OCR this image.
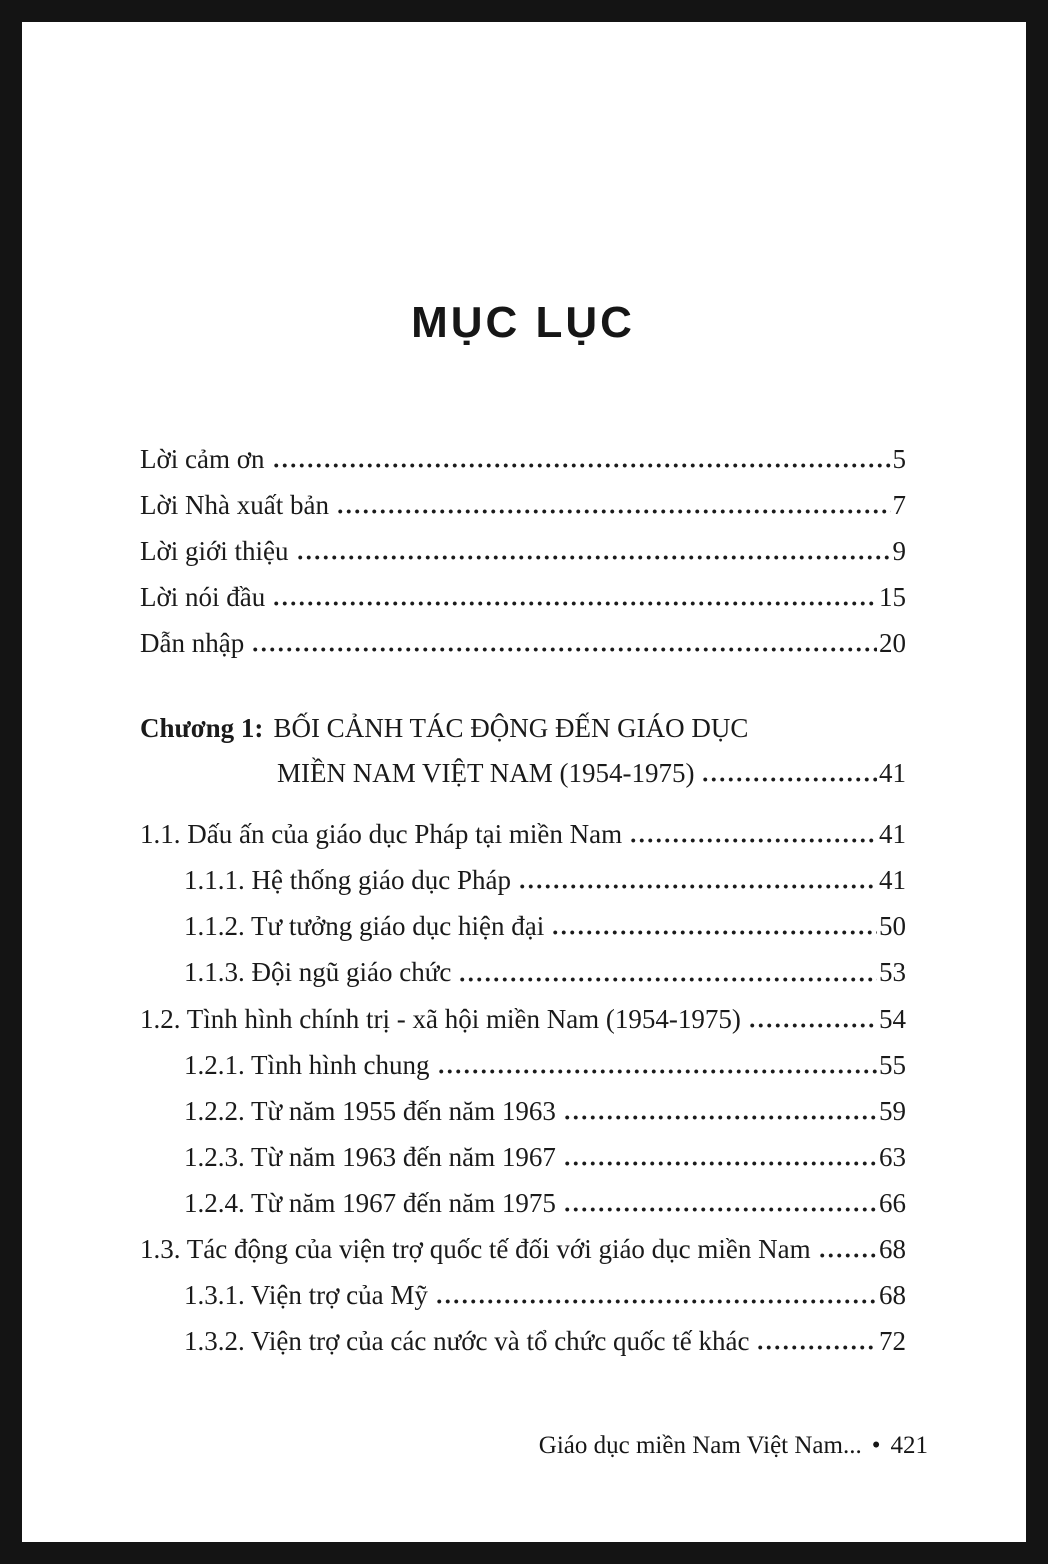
MỤC LỤC
Lời cảm ơn	5
Lời Nhà xuất bản	7
Lời giới thiệu	9
Lời nói đầu	15
Dẫn nhập	20
Chương 1: BỐI CẢNH TÁC ĐỘNG ĐẾN GIÁO DỤC
MIỀN NAM VIỆT NAM (1954-1975)	41
1.1. Dấu ấn của giáo dục Pháp tại miền Nam	41
1.1.1. Hệ thống giáo dục Pháp	41
1.1.2. Tư tưởng giáo dục hiện đại	50
1.1.3. Đội ngũ giáo chức	53
1.2. Tình hình chính trị - xã hội miền Nam (1954-1975)	54
1.2.1. Tình hình chung	55
1.2.2. Từ năm 1955 đến năm 1963	59
1.2.3. Từ năm 1963 đến năm 1967	63
1.2.4. Từ năm 1967 đến năm 1975	66
1.3. Tác động của viện trợ quốc tế đối với giáo dục miền Nam	68
1.3.1. Viện trợ của Mỹ	68
1.3.2. Viện trợ của các nước và tổ chức quốc tế khác	72
Giáo dục miền Nam Việt Nam... • 421
